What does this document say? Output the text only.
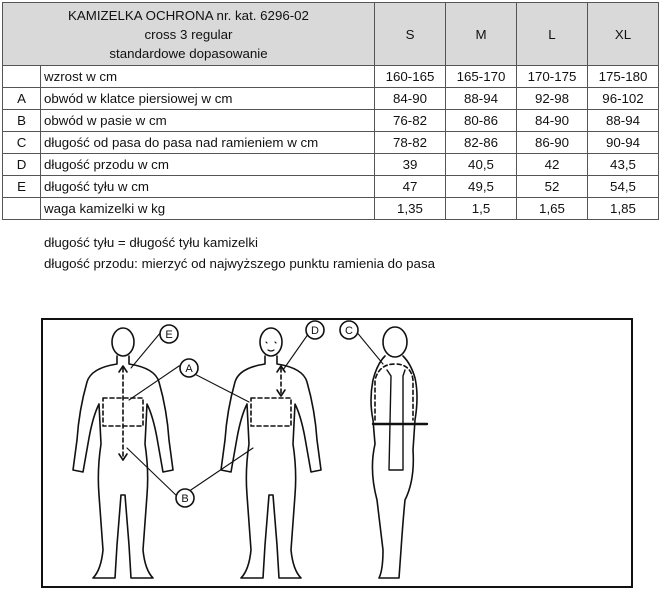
KAMIZELKA OCHRONA nr. kat. 6296-02
cross 3 regular
standardowe dopasowanie		S	M	L	XL
	wzrost w cm	160-165	165-170	170-175	175-180
A	obwód w klatce piersiowej w cm	84-90	88-94	92-98	96-102
B	obwód w pasie w cm	76-82	80-86	84-90	88-94
C	długość od pasa do pasa nad ramieniem w cm	78-82	82-86	86-90	90-94
D	długość przodu w cm	39	40,5	42	43,5
E	długość tyłu w cm	47	49,5	52	54,5
	waga kamizelki w kg	1,35	1,5	1,65	1,85
długość tyłu = długość tyłu kamizelki
długość przodu: mierzyć od najwyższego punktu ramienia do pasa
E
A
B
D C
